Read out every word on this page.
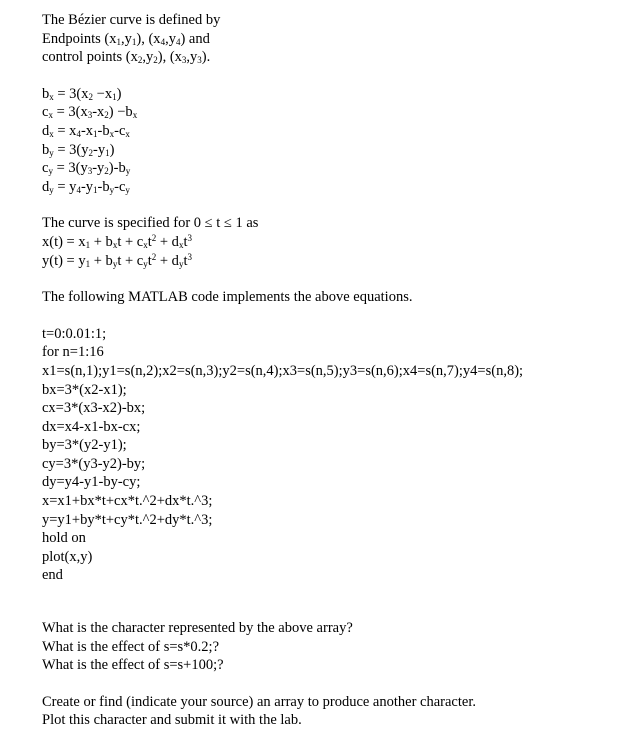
The Bézier curve is defined by
Endpoints $(x_1,y_1)$, $(x_4,y_4)$ and
control points $(x_2,y_2)$, $(x_3,y_3)$.
$b_x = 3(x_2 -x_1)$
$c_x = 3(x_3-x_2) -b_x$
$d_x = x_4-x_1-b_x-c_x$
$b_y = 3(y_2-y_1)$
$c_y = 3(y_3-y_2)-b_y$
$d_y = y_4-y_1-b_y-c_y$
The curve is specified for 0 ≤ t ≤ 1 as
$x(t) = x_1 + b_xt + c_xt^2 + d_xt^3$
$y(t) = y_1 + b_yt + c_yt^2 + d_yt^3$
The following MATLAB code implements the above equations.
t=0:0.01:1;
for n=1:16
x1=s(n,1);y1=s(n,2);x2=s(n,3);y2=s(n,4);x3=s(n,5);y3=s(n,6);x4=s(n,7);y4=s(n,8);
bx=3*(x2-x1);
cx=3*(x3-x2)-bx;
dx=x4-x1-bx-cx;
by=3*(y2-y1);
cy=3*(y3-y2)-by;
dy=y4-y1-by-cy;
x=x1+bx*t+cx*t.^2+dx*t.^3;
y=y1+by*t+cy*t.^2+dy*t.^3;
hold on
plot(x,y)
end
What is the character represented by the above array?
What is the effect of s=s*0.2;?
What is the effect of s=s+100;?
Create or find (indicate your source) an array to produce another character.
Plot this character and submit it with the lab.
